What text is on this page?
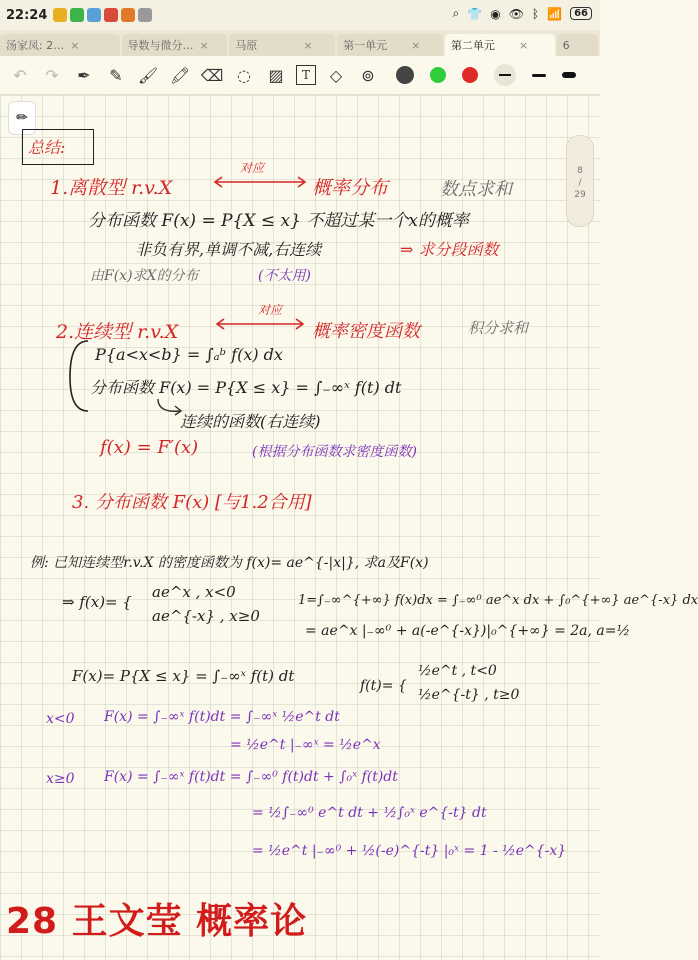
22:24	⌕ 👕 ◉ 👁 ᛒ 📶	66
汤家凤: 2… ×	导数与微分… × 马原	×	第一单元 ×	第二单元 ×	6
↶	↷	✒	✎ 🖌 🖍 ⌫ ◌	▨	T	◇	⊚
✏
8
/
29
总结:
1.离散型 r.v.X
对应
概率分布	数点求和
分布函数 F(x) = P{X ≤ x} 不超过某一个x的概率
非负有界,单调不减,右连续	⇒ 求分段函数
由F(x)求X的分布	(不太用)
2.连续型 r.v.X
对应
概率密度函数	积分求和
P{a<x<b} = ∫ₐᵇ f(x) dx
分布函数 F(x) = P{X ≤ x} = ∫₋∞ˣ f(t) dt
连续的函数(右连续)
f(x) = F′(x)	(根据分布函数求密度函数)
3. 分布函数 F(x) [与1.2合用]
例: 已知连续型r.v.X 的密度函数为 f(x)= ae^{-|x|}, 求a及F(x)
⇒ f(x)= {
ae^x , x<0
ae^{-x} , x≥0
1=∫₋∞^{+∞} f(x)dx = ∫₋∞⁰ ae^x dx + ∫₀^{+∞} ae^{-x} dx
= ae^x |₋∞⁰ + a(-e^{-x})|₀^{+∞} = 2a, a=½
F(x)= P{X ≤ x} = ∫₋∞ˣ f(t) dt
f(t)= {
½e^t , t<0
½e^{-t} , t≥0
x<0 F(x) = ∫₋∞ˣ f(t)dt = ∫₋∞ˣ ½e^t dt
= ½e^t |₋∞ˣ = ½e^x
x≥0 F(x) = ∫₋∞ˣ f(t)dt = ∫₋∞⁰ f(t)dt + ∫₀ˣ f(t)dt
= ½∫₋∞⁰ e^t dt + ½∫₀ˣ e^{-t} dt
= ½e^t |₋∞⁰ + ½(-e)^{-t} |₀ˣ = 1 - ½e^{-x}
28 王文莹 概率论
